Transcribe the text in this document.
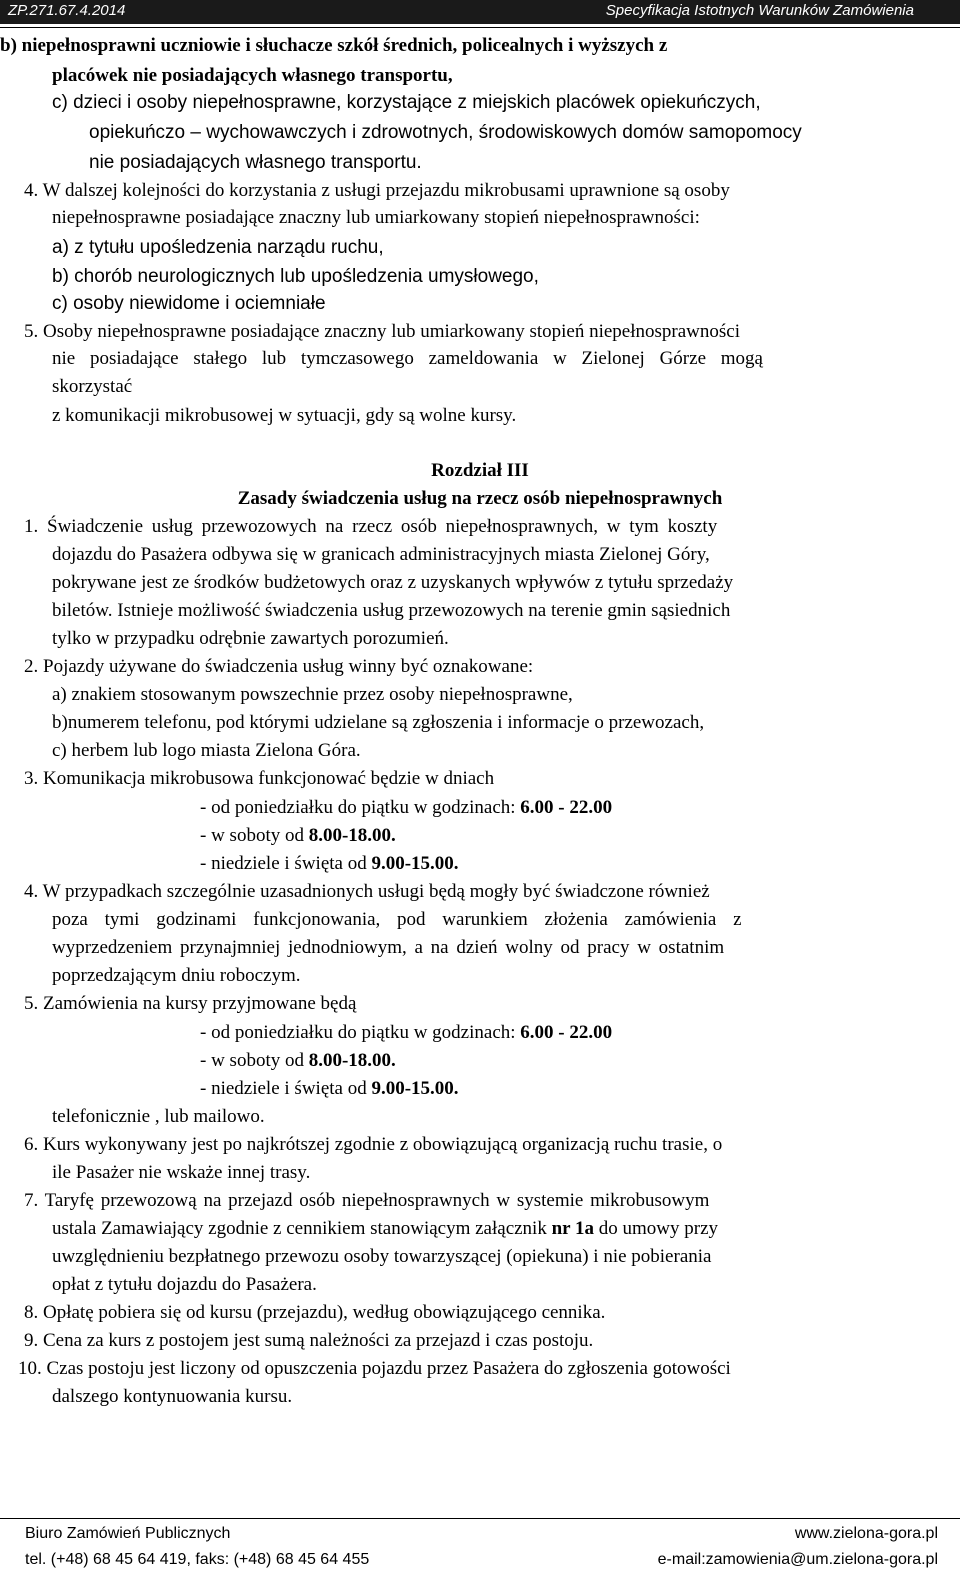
ZP.271.67.4.2014	Specyfikacja Istotnych Warunków Zamówienia
b) niepełnosprawni uczniowie i słuchacze szkół średnich, policealnych i wyższych z
placówek nie posiadających własnego transportu,
c) dzieci i osoby niepełnosprawne, korzystające z miejskich placówek opiekuńczych,
opiekuńczo – wychowawczych i zdrowotnych, środowiskowych domów samopomocy
nie posiadających własnego transportu.
4. W dalszej kolejności do korzystania z usługi przejazdu mikrobusami uprawnione są osoby
niepełnosprawne posiadające znaczny lub umiarkowany stopień niepełnosprawności:
a) z tytułu upośledzenia narządu ruchu,
b) chorób neurologicznych lub upośledzenia umysłowego,
c) osoby niewidome i ociemniałe
5. Osoby niepełnosprawne posiadające znaczny lub umiarkowany stopień niepełnosprawności
nie posiadające stałego lub tymczasowego zameldowania w Zielonej Górze mogą
skorzystać
z komunikacji mikrobusowej w sytuacji, gdy są wolne kursy.
Rozdział III
Zasady świadczenia usług na rzecz osób niepełnosprawnych
1. Świadczenie usług przewozowych na rzecz osób niepełnosprawnych, w tym koszty
dojazdu do Pasażera odbywa się w granicach administracyjnych miasta Zielonej Góry,
pokrywane jest ze środków budżetowych oraz z uzyskanych wpływów z tytułu sprzedaży
biletów. Istnieje możliwość świadczenia usług przewozowych na terenie gmin sąsiednich
tylko w przypadku odrębnie zawartych porozumień.
2. Pojazdy używane do świadczenia usług winny być oznakowane:
a) znakiem stosowanym powszechnie przez osoby niepełnosprawne,
b)numerem telefonu, pod którymi udzielane są zgłoszenia i informacje o przewozach,
c) herbem lub logo miasta Zielona Góra.
3. Komunikacja mikrobusowa funkcjonować będzie w dniach
- od poniedziałku do piątku w godzinach: 6.00 - 22.00
- w soboty od 8.00-18.00.
- niedziele i święta od 9.00-15.00.
4. W przypadkach szczególnie uzasadnionych usługi będą mogły być świadczone również
poza tymi godzinami funkcjonowania, pod warunkiem złożenia zamówienia z
wyprzedzeniem przynajmniej jednodniowym, a na dzień wolny od pracy w ostatnim
poprzedzającym dniu roboczym.
5. Zamówienia na kursy przyjmowane będą
- od poniedziałku do piątku w godzinach: 6.00 - 22.00
- w soboty od 8.00-18.00.
- niedziele i święta od 9.00-15.00.
telefonicznie , lub mailowo.
6. Kurs wykonywany jest po najkrótszej zgodnie z obowiązującą organizacją ruchu trasie, o
ile Pasażer nie wskaże innej trasy.
7. Taryfę przewozową na przejazd osób niepełnosprawnych w systemie mikrobusowym
ustala Zamawiający zgodnie z cennikiem stanowiącym załącznik nr 1a do umowy przy
uwzględnieniu bezpłatnego przewozu osoby towarzyszącej (opiekuna) i nie pobierania
opłat z tytułu dojazdu do Pasażera.
8. Opłatę pobiera się od kursu (przejazdu), według obowiązującego cennika.
9. Cena za kurs z postojem jest sumą należności za przejazd i czas postoju.
10. Czas postoju jest liczony od opuszczenia pojazdu przez Pasażera do zgłoszenia gotowości
dalszego kontynuowania kursu.
Biuro Zamówień Publicznych	www.zielona-gora.pl
tel. (+48) 68 45 64 419, faks: (+48) 68 45 64 455	e-mail:zamowienia@um.zielona-gora.pl
